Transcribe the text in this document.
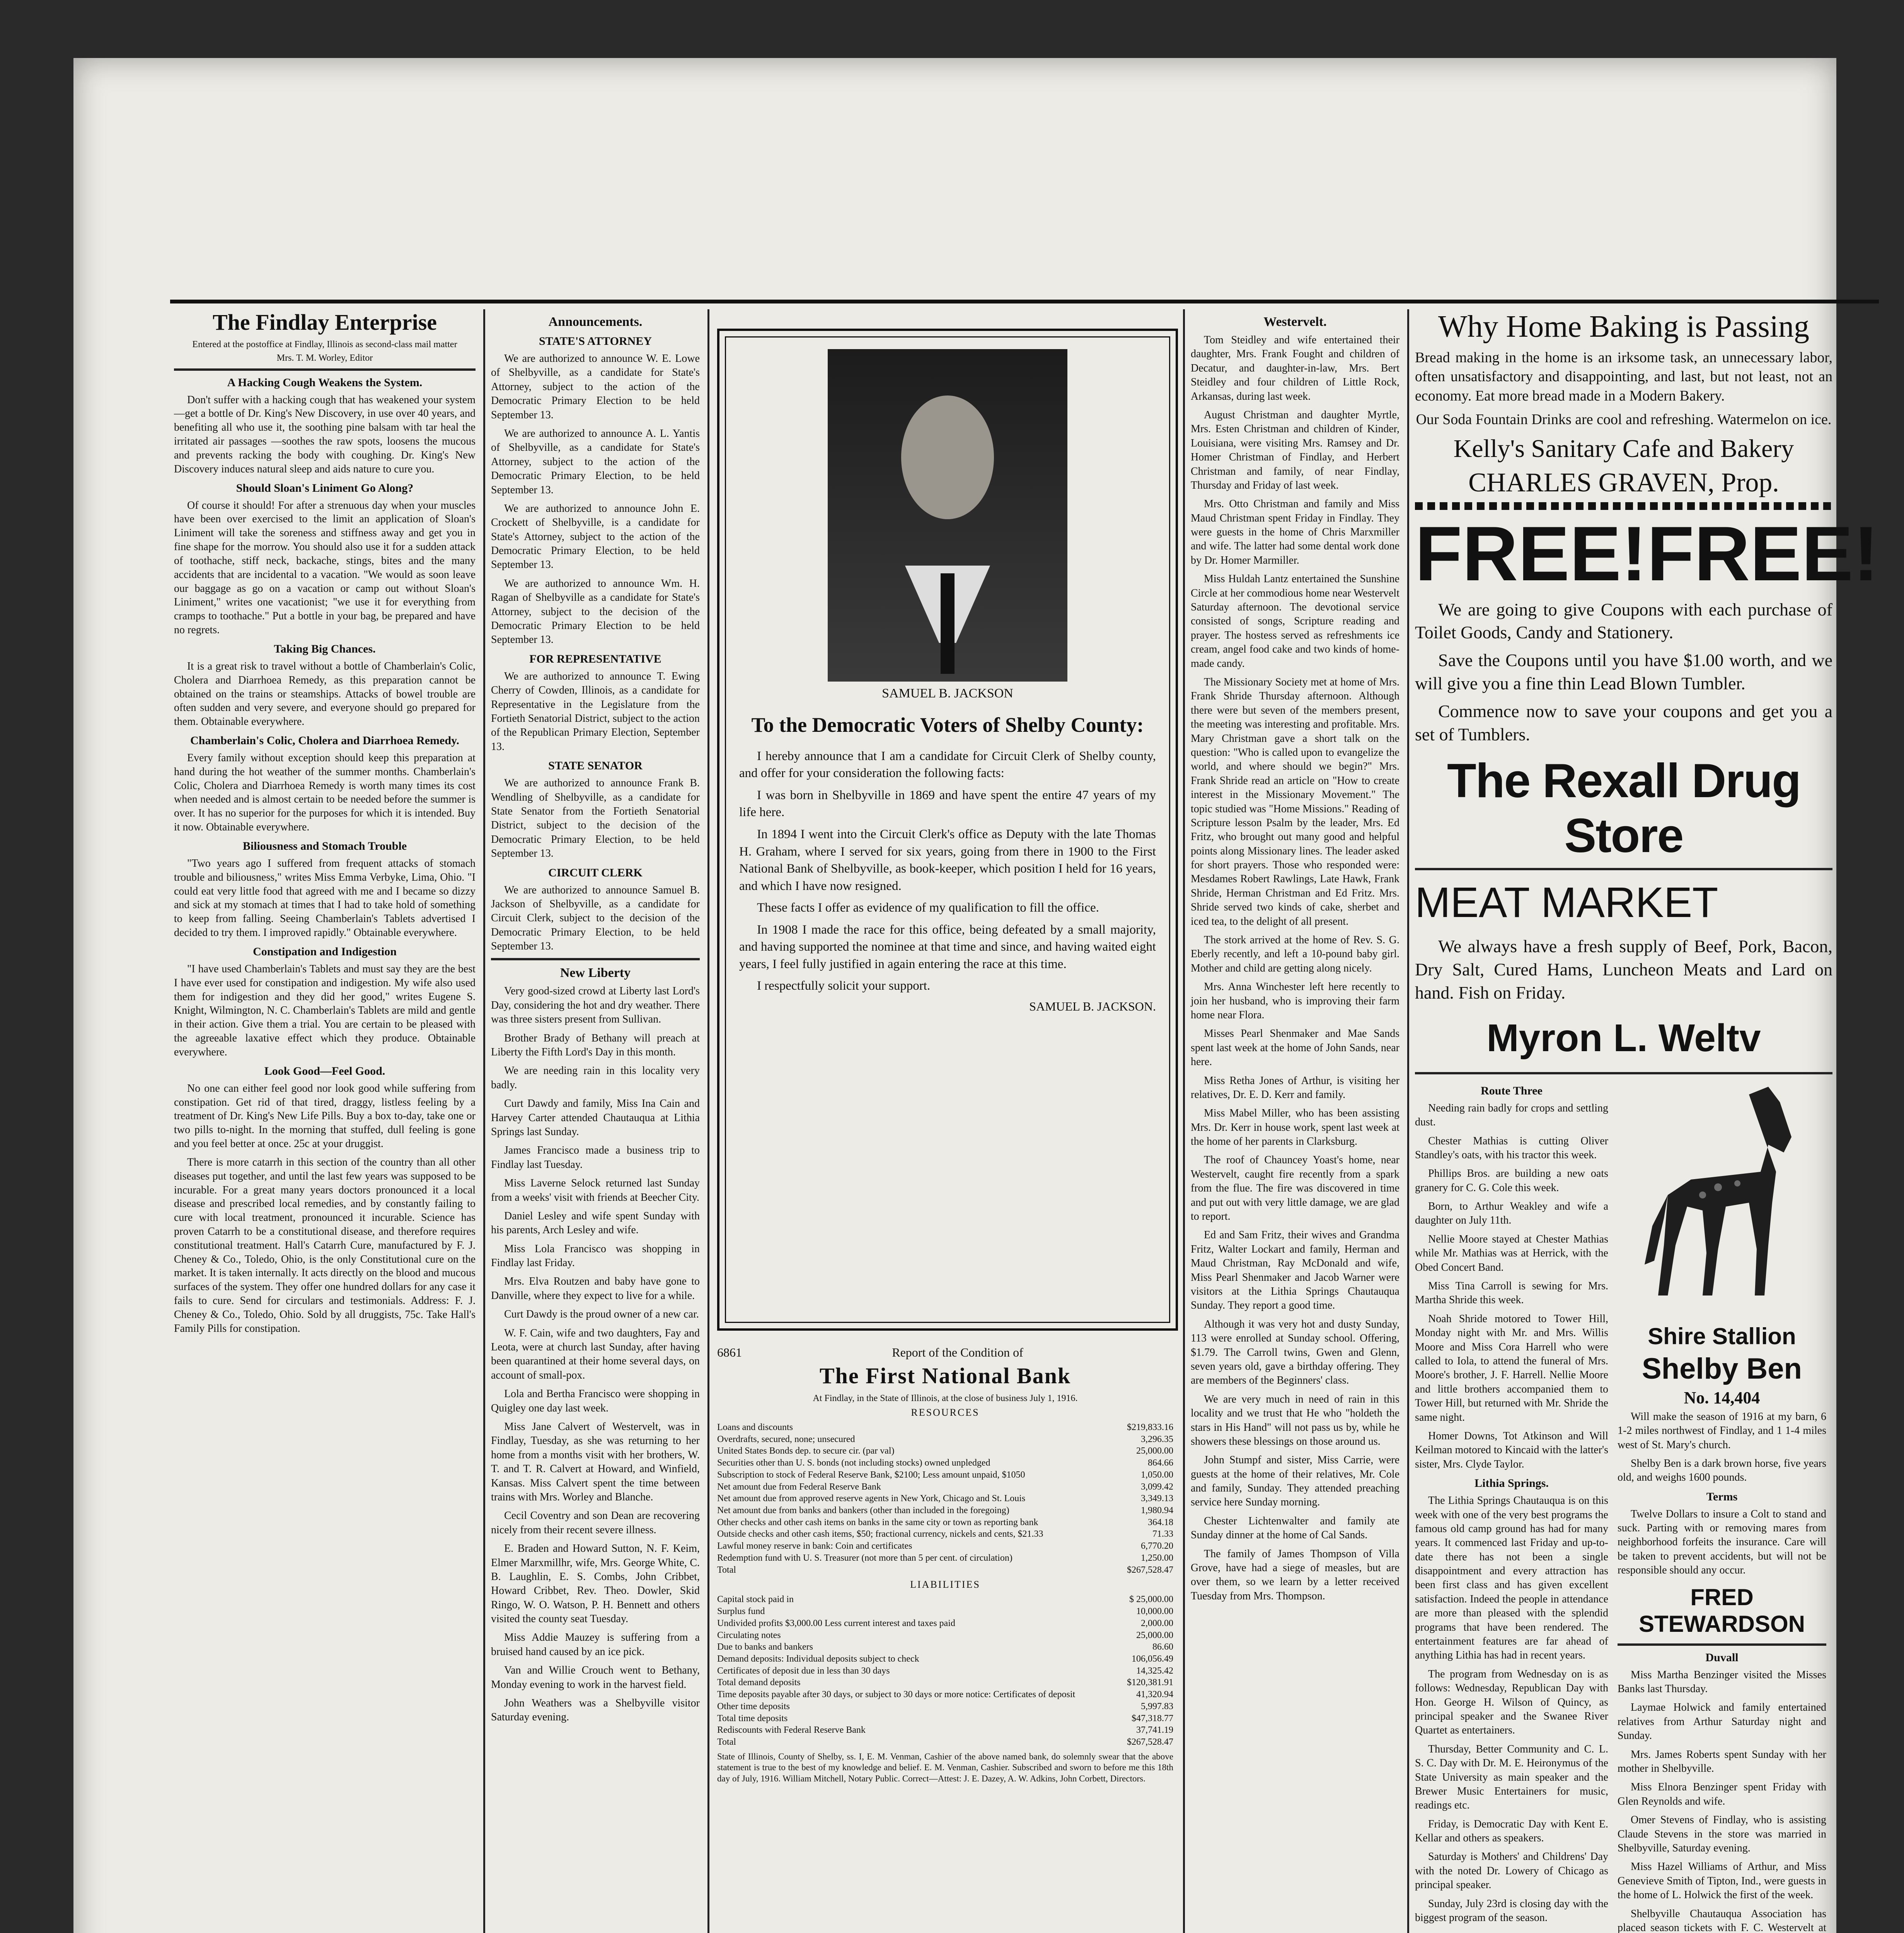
The Findlay Enterprise
Entered at the postoffice at Findlay, Illinois as second-class mail matter
Mrs. T. M. Worley, Editor
A Hacking Cough Weakens the System.

Don't suffer with a hacking cough that has weakened your system—get a bottle of Dr. King's New Discovery, in use over 40 years, and benefiting all who use it, the soothing pine balsam with tar heal the irritated air passages —soothes the raw spots, loosens the mucous and prevents racking the body with coughing. Dr. King's New Discovery induces natural sleep and aids nature to cure you.

Should Sloan's Liniment Go Along?

Of course it should! For after a strenuous day when your muscles have been over exercised to the limit an application of Sloan's Liniment will take the soreness and stiffness away and get you in fine shape for the morrow. You should also use it for a sudden attack of toothache, stiff neck, backache, stings, bites and the many accidents that are incidental to a vacation. "We would as soon leave our baggage as go on a vacation or camp out without Sloan's Liniment," writes one vacationist; "we use it for everything from cramps to toothache." Put a bottle in your bag, be prepared and have no regrets.

Taking Big Chances.

It is a great risk to travel without a bottle of Chamberlain's Colic, Cholera and Diarrhoea Remedy, as this preparation cannot be obtained on the trains or steamships. Attacks of bowel trouble are often sudden and very severe, and everyone should go prepared for them. Obtainable everywhere.

Chamberlain's Colic, Cholera and Diarrhoea Remedy.

Every family without exception should keep this preparation at hand during the hot weather of the summer months. Chamberlain's Colic, Cholera and Diarrhoea Remedy is worth many times its cost when needed and is almost certain to be needed before the summer is over. It has no superior for the purposes for which it is intended. Buy it now. Obtainable everywhere.

Biliousness and Stomach Trouble

"Two years ago I suffered from frequent attacks of stomach trouble and biliousness," writes Miss Emma Verbyke, Lima, Ohio. "I could eat very little food that agreed with me and I became so dizzy and sick at my stomach at times that I had to take hold of something to keep from falling. Seeing Chamberlain's Tablets advertised I decided to try them. I improved rapidly." Obtainable everywhere.

Constipation and Indigestion

"I have used Chamberlain's Tablets and must say they are the best I have ever used for constipation and indigestion. My wife also used them for indigestion and they did her good," writes Eugene S. Knight, Wilmington, N. C. Chamberlain's Tablets are mild and gentle in their action. Give them a trial. You are certain to be pleased with the agreeable laxative effect which they produce. Obtainable everywhere.

Look Good—Feel Good.

No one can either feel good nor look good while suffering from constipation. Get rid of that tired, draggy, listless feeling by a treatment of Dr. King's New Life Pills. Buy a box to-day, take one or two pills to-night. In the morning that stuffed, dull feeling is gone and you feel better at once. 25c at your druggist.

There is more catarrh in this section of the country than all other diseases put together, and until the last few years was supposed to be incurable. For a great many years doctors pronounced it a local disease and prescribed local remedies, and by constantly failing to cure with local treatment, pronounced it incurable. Science has proven Catarrh to be a constitutional disease, and therefore requires constitutional treatment. Hall's Catarrh Cure, manufactured by F. J. Cheney & Co., Toledo, Ohio, is the only Constitutional cure on the market. It is taken internally. It acts directly on the blood and mucous surfaces of the system. They offer one hundred dollars for any case it fails to cure. Send for circulars and testimonials. Address: F. J. Cheney & Co., Toledo, Ohio. Sold by all druggists, 75c. Take Hall's Family Pills for constipation.

Announcements.
STATE'S ATTORNEY

We are authorized to announce W. E. Lowe of Shelbyville, as a candidate for State's Attorney, subject to the action of the Democratic Primary Election to be held September 13.

We are authorized to announce A. L. Yantis of Shelbyville, as a candidate for State's Attorney, subject to the action of the Democratic Primary Election, to be held September 13.

We are authorized to announce John E. Crockett of Shelbyville, is a candidate for State's Attorney, subject to the action of the Democratic Primary Election, to be held September 13.

We are authorized to announce Wm. H. Ragan of Shelbyville as a candidate for State's Attorney, subject to the decision of the Democratic Primary Election to be held September 13.

FOR REPRESENTATIVE

We are authorized to announce T. Ewing Cherry of Cowden, Illinois, as a candidate for Representative in the Legislature from the Fortieth Senatorial District, subject to the action of the Republican Primary Election, September 13.

STATE SENATOR

We are authorized to announce Frank B. Wendling of Shelbyville, as a candidate for State Senator from the Fortieth Senatorial District, subject to the decision of the Democratic Primary Election, to be held September 13.

CIRCUIT CLERK

We are authorized to announce Samuel B. Jackson of Shelbyville, as a candidate for Circuit Clerk, subject to the decision of the Democratic Primary Election, to be held September 13.

New Liberty

Very good-sized crowd at Liberty last Lord's Day, considering the hot and dry weather. There was three sisters present from Sullivan.

Brother Brady of Bethany will preach at Liberty the Fifth Lord's Day in this month.

We are needing rain in this locality very badly.

Curt Dawdy and family, Miss Ina Cain and Harvey Carter attended Chautauqua at Lithia Springs last Sunday.

James Francisco made a business trip to Findlay last Tuesday.

Miss Laverne Selock returned last Sunday from a weeks' visit with friends at Beecher City.

Daniel Lesley and wife spent Sunday with his parents, Arch Lesley and wife.

Miss Lola Francisco was shopping in Findlay last Friday.

Mrs. Elva Routzen and baby have gone to Danville, where they expect to live for a while.

Curt Dawdy is the proud owner of a new car.

W. F. Cain, wife and two daughters, Fay and Leota, were at church last Sunday, after having been quarantined at their home several days, on account of small-pox.

Lola and Bertha Francisco were shopping in Quigley one day last week.

Miss Jane Calvert of Westervelt, was in Findlay, Tuesday, as she was returning to her home from a months visit with her brothers, W. T. and T. R. Calvert at Howard, and Winfield, Kansas. Miss Calvert spent the time between trains with Mrs. Worley and Blanche.

Cecil Coventry and son Dean are recovering nicely from their recent severe illness.

E. Braden and Howard Sutton, N. F. Keim, Elmer Marxmillhr, wife, Mrs. George White, C. B. Laughlin, E. S. Combs, John Cribbet, Howard Cribbet, Rev. Theo. Dowler, Skid Ringo, W. O. Watson, P. H. Bennett and others visited the county seat Tuesday.

Miss Addie Mauzey is suffering from a bruised hand caused by an ice pick.

Van and Willie Crouch went to Bethany, Monday evening to work in the harvest field.

John Weathers was a Shelbyville visitor Saturday evening.

SAMUEL B. JACKSON
To the Democratic Voters of Shelby County:

I hereby announce that I am a candidate for Circuit Clerk of Shelby county, and offer for your consideration the following facts:

I was born in Shelbyville in 1869 and have spent the entire 47 years of my life here.

In 1894 I went into the Circuit Clerk's office as Deputy with the late Thomas H. Graham, where I served for six years, going from there in 1900 to the First National Bank of Shelbyville, as book-keeper, which position I held for 16 years, and which I have now resigned.

These facts I offer as evidence of my qualification to fill the office.

In 1908 I made the race for this office, being defeated by a small majority, and having supported the nominee at that time and since, and having waited eight years, I feel fully justified in again entering the race at this time.

I respectfully solicit your support.

SAMUEL B. JACKSON.
6861	Report of the Condition of
The First National Bank
At Findlay, in the State of Illinois, at the close of business July 1, 1916.
RESOURCES
Loans and discounts	$219,833.16
Overdrafts, secured, none; unsecured	3,296.35
United States Bonds dep. to secure cir. (par val)	25,000.00
Securities other than U. S. bonds (not including stocks) owned unpledged	864.66
Subscription to stock of Federal Reserve Bank, $2100; Less amount unpaid, $1050	1,050.00
Net amount due from Federal Reserve Bank	3,099.42
Net amount due from approved reserve agents in New York, Chicago and St. Louis	3,349.13
Net amount due from banks and bankers (other than included in the foregoing)	1,980.94
Other checks and other cash items on banks in the same city or town as reporting bank	364.18
Outside checks and other cash items, $50; fractional currency, nickels and cents, $21.33	71.33
Lawful money reserve in bank: Coin and certificates	6,770.20
Redemption fund with U. S. Treasurer (not more than 5 per cent. of circulation)	1,250.00
Total	$267,528.47
LIABILITIES
Capital stock paid in	$ 25,000.00
Surplus fund	10,000.00
Undivided profits $3,000.00 Less current interest and taxes paid	2,000.00
Circulating notes	25,000.00
Due to banks and bankers	86.60
Demand deposits: Individual deposits subject to check	106,056.49
Certificates of deposit due in less than 30 days	14,325.42
Total demand deposits	$120,381.91
Time deposits payable after 30 days, or subject to 30 days or more notice: Certificates of deposit	41,320.94
Other time deposits	5,997.83
Total time deposits	$47,318.77
Rediscounts with Federal Reserve Bank	37,741.19
Total	$267,528.47

State of Illinois, County of Shelby, ss. I, E. M. Venman, Cashier of the above named bank, do solemnly swear that the above statement is true to the best of my knowledge and belief. E. M. Venman, Cashier. Subscribed and sworn to before me this 18th day of July, 1916. William Mitchell, Notary Public. Correct—Attest: J. E. Dazey, A. W. Adkins, John Corbett, Directors.

Westervelt.

Tom Steidley and wife entertained their daughter, Mrs. Frank Fought and children of Decatur, and daughter-in-law, Mrs. Bert Steidley and four children of Little Rock, Arkansas, during last week.

August Christman and daughter Myrtle, Mrs. Esten Christman and children of Kinder, Louisiana, were visiting Mrs. Ramsey and Dr. Homer Christman of Findlay, and Herbert Christman and family, of near Findlay, Thursday and Friday of last week.

Mrs. Otto Christman and family and Miss Maud Christman spent Friday in Findlay. They were guests in the home of Chris Marxmiller and wife. The latter had some dental work done by Dr. Homer Marmiller.

Miss Huldah Lantz entertained the Sunshine Circle at her commodious home near Westervelt Saturday afternoon. The devotional service consisted of songs, Scripture reading and prayer. The hostess served as refreshments ice cream, angel food cake and two kinds of home-made candy.

The Missionary Society met at home of Mrs. Frank Shride Thursday afternoon. Although there were but seven of the members present, the meeting was interesting and profitable. Mrs. Mary Christman gave a short talk on the question: "Who is called upon to evangelize the world, and where should we begin?" Mrs. Frank Shride read an article on "How to create interest in the Missionary Movement." The topic studied was "Home Missions." Reading of Scripture lesson Psalm by the leader, Mrs. Ed Fritz, who brought out many good and helpful points along Missionary lines. The leader asked for short prayers. Those who responded were: Mesdames Robert Rawlings, Late Hawk, Frank Shride, Herman Christman and Ed Fritz. Mrs. Shride served two kinds of cake, sherbet and iced tea, to the delight of all present.

The stork arrived at the home of Rev. S. G. Eberly recently, and left a 10-pound baby girl. Mother and child are getting along nicely.

Mrs. Anna Winchester left here recently to join her husband, who is improving their farm home near Flora.

Misses Pearl Shenmaker and Mae Sands spent last week at the home of John Sands, near here.

Miss Retha Jones of Arthur, is visiting her relatives, Dr. E. D. Kerr and family.

Miss Mabel Miller, who has been assisting Mrs. Dr. Kerr in house work, spent last week at the home of her parents in Clarksburg.

The roof of Chauncey Yoast's home, near Westervelt, caught fire recently from a spark from the flue. The fire was discovered in time and put out with very little damage, we are glad to report.

Ed and Sam Fritz, their wives and Grandma Fritz, Walter Lockart and family, Herman and Maud Christman, Ray McDonald and wife, Miss Pearl Shenmaker and Jacob Warner were visitors at the Lithia Springs Chautauqua Sunday. They report a good time.

Although it was very hot and dusty Sunday, 113 were enrolled at Sunday school. Offering, $1.79. The Carroll twins, Gwen and Glenn, seven years old, gave a birthday offering. They are members of the Beginners' class.

We are very much in need of rain in this locality and we trust that He who "holdeth the stars in His Hand" will not pass us by, while he showers these blessings on those around us.

John Stumpf and sister, Miss Carrie, were guests at the home of their relatives, Mr. Cole and family, Sunday. They attended preaching service here Sunday morning.

Chester Lichtenwalter and family ate Sunday dinner at the home of Cal Sands.

The family of James Thompson of Villa Grove, have had a siege of measles, but are over them, so we learn by a letter received Tuesday from Mrs. Thompson.

Why Home Baking is Passing

Bread making in the home is an irksome task, an unnecessary labor, often unsatisfactory and disappointing, and last, but not least, not an economy. Eat more bread made in a Modern Bakery.

Our Soda Fountain Drinks are cool and refreshing. Watermelon on ice.

Kelly's Sanitary Cafe and Bakery
CHARLES GRAVEN, Prop.
FREE! FREE!

We are going to give Coupons with each purchase of Toilet Goods, Candy and Stationery.

Save the Coupons until you have $1.00 worth, and we will give you a fine thin Lead Blown Tumbler.

Commence now to save your coupons and get you a set of Tumblers.

The Rexall Drug Store
MEAT MARKET

We always have a fresh supply of Beef, Pork, Bacon, Dry Salt, Cured Hams, Luncheon Meats and Lard on hand. Fish on Friday.

Myron L. Weltv
Route Three

Needing rain badly for crops and settling dust.

Chester Mathias is cutting Oliver Standley's oats, with his tractor this week.

Phillips Bros. are building a new oats granery for C. G. Cole this week.

Born, to Arthur Weakley and wife a daughter on July 11th.

Nellie Moore stayed at Chester Mathias while Mr. Mathias was at Herrick, with the Obed Concert Band.

Miss Tina Carroll is sewing for Mrs. Martha Shride this week.

Noah Shride motored to Tower Hill, Monday night with Mr. and Mrs. Willis Moore and Miss Cora Harrell who were called to Iola, to attend the funeral of Mrs. Moore's brother, J. F. Harrell. Nellie Moore and little brothers accompanied them to Tower Hill, but returned with Mr. Shride the same night.

Homer Downs, Tot Atkinson and Will Keilman motored to Kincaid with the latter's sister, Mrs. Clyde Taylor.

Lithia Springs.

The Lithia Springs Chautauqua is on this week with one of the very best programs the famous old camp ground has had for many years. It commenced last Friday and up-to-date there has not been a single disappointment and every attraction has been first class and has given excellent satisfaction. Indeed the people in attendance are more than pleased with the splendid programs that have been rendered. The entertainment features are far ahead of anything Lithia has had in recent years.

The program from Wednesday on is as follows: Wednesday, Republican Day with Hon. George H. Wilson of Quincy, as principal speaker and the Swanee River Quartet as entertainers.

Thursday, Better Community and C. L. S. C. Day with Dr. M. E. Heironymus of the State University as main speaker and the Brewer Music Entertainers for music, readings etc.

Friday, is Democratic Day with Kent E. Kellar and others as speakers.

Saturday is Mothers' and Childrens' Day with the noted Dr. Lowery of Chicago as principal speaker.

Sunday, July 23rd is closing day with the biggest program of the season.

Shire Stallion
Shelby Ben
No. 14,404

Will make the season of 1916 at my barn, 6 1-2 miles northwest of Findlay, and 1 1-4 miles west of St. Mary's church.

Shelby Ben is a dark brown horse, five years old, and weighs 1600 pounds.

Terms

Twelve Dollars to insure a Colt to stand and suck. Parting with or removing mares from neighborhood forfeits the insurance. Care will be taken to prevent accidents, but will not be responsible should any occur.

FRED STEWARDSON
Duvall

Miss Martha Benzinger visited the Misses Banks last Thursday.

Laymae Holwick and family entertained relatives from Arthur Saturday night and Sunday.

Mrs. James Roberts spent Sunday with her mother in Shelbyville.

Miss Elnora Benzinger spent Friday with Glen Reynolds and wife.

Omer Stevens of Findlay, who is assisting Claude Stevens in the store was married in Shelbyville, Saturday evening.

Miss Hazel Williams of Arthur, and Miss Genevieve Smith of Tipton, Ind., were guests in the home of L. Holwick the first of the week.

Shelbyville Chautauqua Association has placed season tickets with F. C. Westervelt at
